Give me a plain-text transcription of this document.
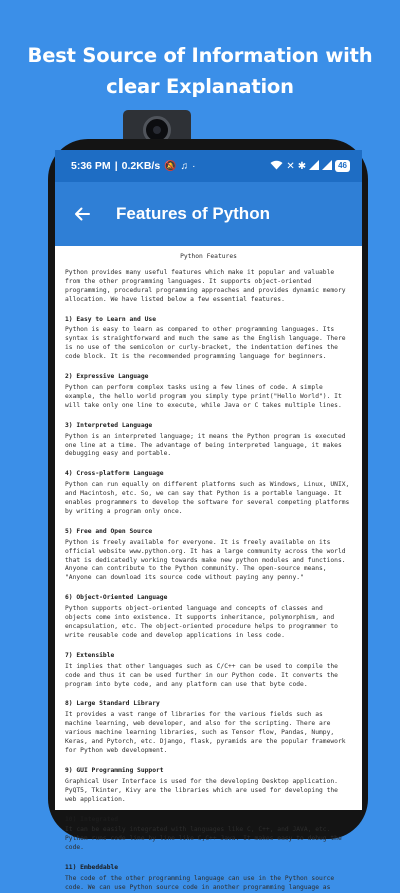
Best Source of Information with clear Explanation
5:36 PM | 0.2KB/s 🔕 ♫ ·	✕ ✱	46
Features of Python
Python Features
Python provides many useful features which make it popular and valuable from the other programming languages. It supports object-oriented programming, procedural programming approaches and provides dynamic memory allocation. We have listed below a few essential features.
1) Easy to Learn and Use
Python is easy to learn as compared to other programming languages. Its syntax is straightforward and much the same as the English language. There is no use of the semicolon or curly-bracket, the indentation defines the code block. It is the recommended programming language for beginners.
2) Expressive Language
Python can perform complex tasks using a few lines of code. A simple example, the hello world program you simply type print("Hello World"). It will take only one line to execute, while Java or C takes multiple lines.
3) Interpreted Language
Python is an interpreted language; it means the Python program is executed one line at a time. The advantage of being interpreted language, it makes debugging easy and portable.
4) Cross-platform Language
Python can run equally on different platforms such as Windows, Linux, UNIX, and Macintosh, etc. So, we can say that Python is a portable language. It enables programmers to develop the software for several competing platforms by writing a program only once.
5) Free and Open Source
Python is freely available for everyone. It is freely available on its official website www.python.org. It has a large community across the world that is dedicatedly working towards make new python modules and functions. Anyone can contribute to the Python community. The open-source means, "Anyone can download its source code without paying any penny."
6) Object-Oriented Language
Python supports object-oriented language and concepts of classes and objects come into existence. It supports inheritance, polymorphism, and encapsulation, etc. The object-oriented procedure helps to programmer to write reusable code and develop applications in less code.
7) Extensible
It implies that other languages such as C/C++ can be used to compile the code and thus it can be used further in our Python code. It converts the program into byte code, and any platform can use that byte code.
8) Large Standard Library
It provides a vast range of libraries for the various fields such as machine learning, web developer, and also for the scripting. There are various machine learning libraries, such as Tensor flow, Pandas, Numpy, Keras, and Pytorch, etc. Django, flask, pyramids are the popular framework for Python web development.
9) GUI Programming Support
Graphical User Interface is used for the developing Desktop application. PyQT5, Tkinter, Kivy are the libraries which are used for developing the web application.
10) Integrated
It can be easily integrated with languages like C, C++, and JAVA, etc. Python runs code line by line like C,C++ Java. It makes easy to debug the code.
11) Embeddable
The code of the other programming language can use in the Python source code. We can use Python source code in another programming language as
